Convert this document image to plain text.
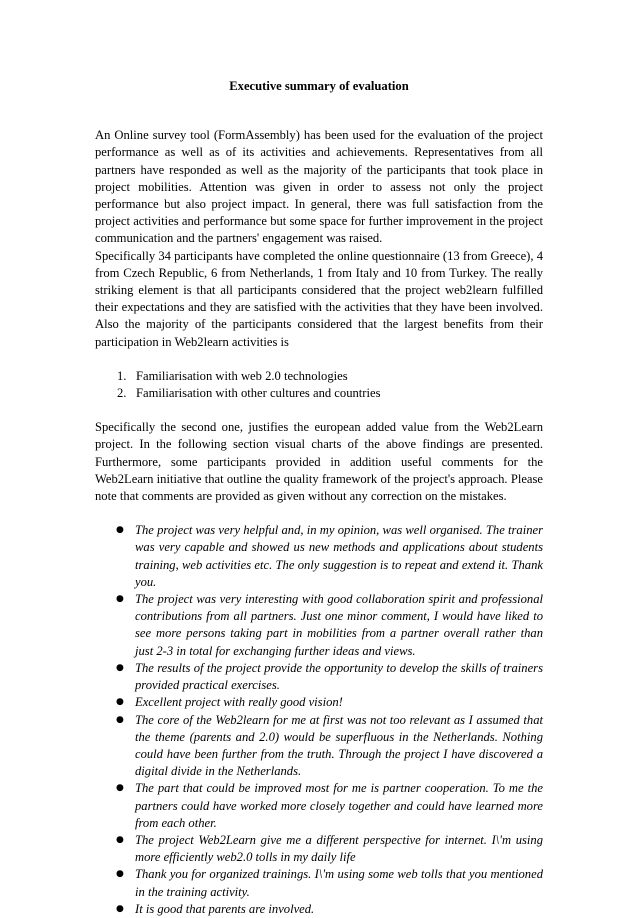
Executive summary of evaluation

An Online survey tool (FormAssembly) has been used for the evaluation of the project performance as well as of its activities and achievements. Representatives from all partners have responded as well as the majority of the participants that took place in project mobilities. Attention was given in order to assess not only the project performance but also project impact. In general, there was full satisfaction from the project activities and performance but some space for further improvement in the project communication and the partners' engagement was raised.

Specifically 34 participants have completed the online questionnaire (13 from Greece), 4 from Czech Republic, 6 from Netherlands, 1 from Italy and 10 from Turkey. The really striking element is that all participants considered that the project web2learn fulfilled their expectations and they are satisfied with the activities that they have been involved. Also the majority of the participants considered that the largest benefits from their participation in Web2learn activities is

1. Familiarisation with web 2.0 technologies
2. Familiarisation with other cultures and countries

Specifically the second one, justifies the european added value from the Web2Learn project. In the following section visual charts of the above findings are presented. Furthermore, some participants provided in addition useful comments for the Web2Learn initiative that outline the quality framework of the project's approach. Please note that comments are provided as given without any correction on the mistakes.

● The project was very helpful and, in my opinion, was well organised. The trainer was very capable and showed us new methods and applications about students training, web activities etc. The only suggestion is to repeat and extend it. Thank you.
● The project was very interesting with good collaboration spirit and professional contributions from all partners. Just one minor comment, I would have liked to see more persons taking part in mobilities from a partner overall rather than just 2-3 in total for exchanging further ideas and views.
● The results of the project provide the opportunity to develop the skills of trainers provided practical exercises.
● Excellent project with really good vision!
● The core of the Web2learn for me at first was not too relevant as I assumed that the theme (parents and 2.0) would be superfluous in the Netherlands. Nothing could have been further from the truth. Through the project I have discovered a digital divide in the Netherlands.
● The part that could be improved most for me is partner cooperation. To me the partners could have worked more closely together and could have learned more from each other.
● The project Web2Learn give me a different perspective for internet. I\'m using more efficiently web2.0 tolls in my daily life
● Thank you for organized trainings. I\'m using some web tolls that you mentioned in the training activity.
● It is good that parents are involved.
